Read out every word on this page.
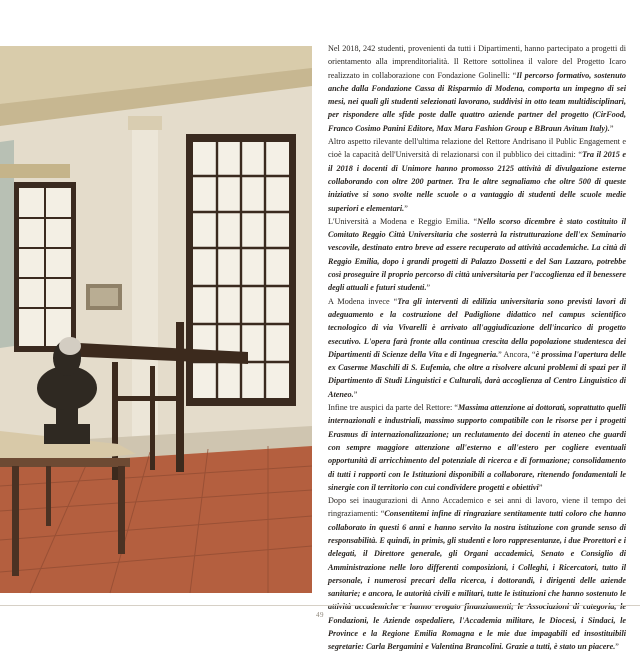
Nel 2018, 242 studenti, provenienti da tutti i Dipartimenti, hanno partecipato a progetti di orientamento alla imprenditorialità. Il Rettore sottolinea il valore del Progetto Icaro realizzato in collaborazione con Fondazione Golinelli: “Il percorso formativo, sostenuto anche dalla Fondazione Cassa di Risparmio di Modena, comporta un impegno di sei mesi, nei quali gli studenti selezionati lavorano, suddivisi in otto team multidisciplinari, per rispondere alle sfide poste dalle quattro aziende partner del progetto (CirFood, Franco Cosimo Panini Editore, Max Mara Fashion Group e BBraun Avitum Italy).”

Altro aspetto rilevante dell'ultima relazione del Rettore Andrisano il Public Engagement e cioè la capacità dell'Università di relazionarsi con il pubblico dei cittadini: “Tra il 2015 e il 2018 i docenti di Unimore hanno promosso 2125 attività di divulgazione esterne collaborando con oltre 200 partner. Tra le altre segnaliamo che oltre 500 di queste iniziative si sono svolte nelle scuole o a vantaggio di studenti delle scuole medie superiori e elementari.”

L'Università a Modena e Reggio Emilia. “Nello scorso dicembre è stato costituito il Comitato Reggio Città Universitaria che sosterrà la ristrutturazione dell'ex Seminario vescovile, destinato entro breve ad essere recuperato ad attività accademiche. La città di Reggio Emilia, dopo i grandi progetti di Palazzo Dossetti e del San Lazzaro, potrebbe così proseguire il proprio percorso di città universitaria per l'accoglienza ed il benessere degli attuali e futuri studenti.”

A Modena invece “Tra gli interventi di edilizia universitaria sono previsti lavori di adeguamento e la costruzione del Padiglione didattico nel campus scientifico tecnologico di via Vivarelli è arrivato all'aggiudicazione dell'incarico di progetto esecutivo. L'opera farà fronte alla continua crescita della popolazione studentesca dei Dipartimenti di Scienze della Vita e di Ingegneria.” Ancora, “è prossima l'apertura delle ex Caserme Maschili di S. Eufemia, che oltre a risolvere alcuni problemi di spazi per il Dipartimento di Studi Linguistici e Culturali, darà accoglienza al Centro Linguistico di Ateneo.”

Infine tre auspici da parte del Rettore: “Massima attenzione ai dottorati, soprattutto quelli internazionali e industriali, massimo supporto compatibile con le risorse per i progetti Erasmus di internazionalizzazione; un reclutamento dei docenti in ateneo che guardi con sempre maggiore attenzione all'esterno e all'estero per cogliere eventuali opportunità di arricchimento del potenziale di ricerca e di formazione; consolidamento di tutti i rapporti con le Istituzioni disponibili a collaborare, ritenendo fondamentali le sinergie con il territorio con cui condividere progetti e obiettivi”

Dopo sei inaugurazioni di Anno Accademico e sei anni di lavoro, viene il tempo dei ringraziamenti: “Consentitemi infine di ringraziare sentitamente tutti coloro che hanno collaborato in questi 6 anni e hanno servito la nostra istituzione con grande senso di responsabilità. E quindi, in primis, gli studenti e loro rappresentanze, i due Prorettori e i delegati, il Direttore generale, gli Organi accademici, Senato e Consiglio di Amministrazione nelle loro differenti composizioni, i Colleghi, i Ricercatori, tutto il personale, i numerosi precari della ricerca, i dottorandi, i dirigenti delle aziende sanitarie; e ancora, le autorità civili e militari, tutte le istituzioni che hanno sostenuto le attività accademiche e hanno erogato finanziamenti; le Associazioni di categoria, le Fondazioni, le Aziende ospedaliere, l'Accademia militare, le Diocesi, i Sindaci, le Province e la Regione Emilia Romagna e le mie due impagabili ed insostituibili segretarie: Carla Bergamini e Valentina Brancolini. Grazie a tutti, è stato un piacere.”

49
